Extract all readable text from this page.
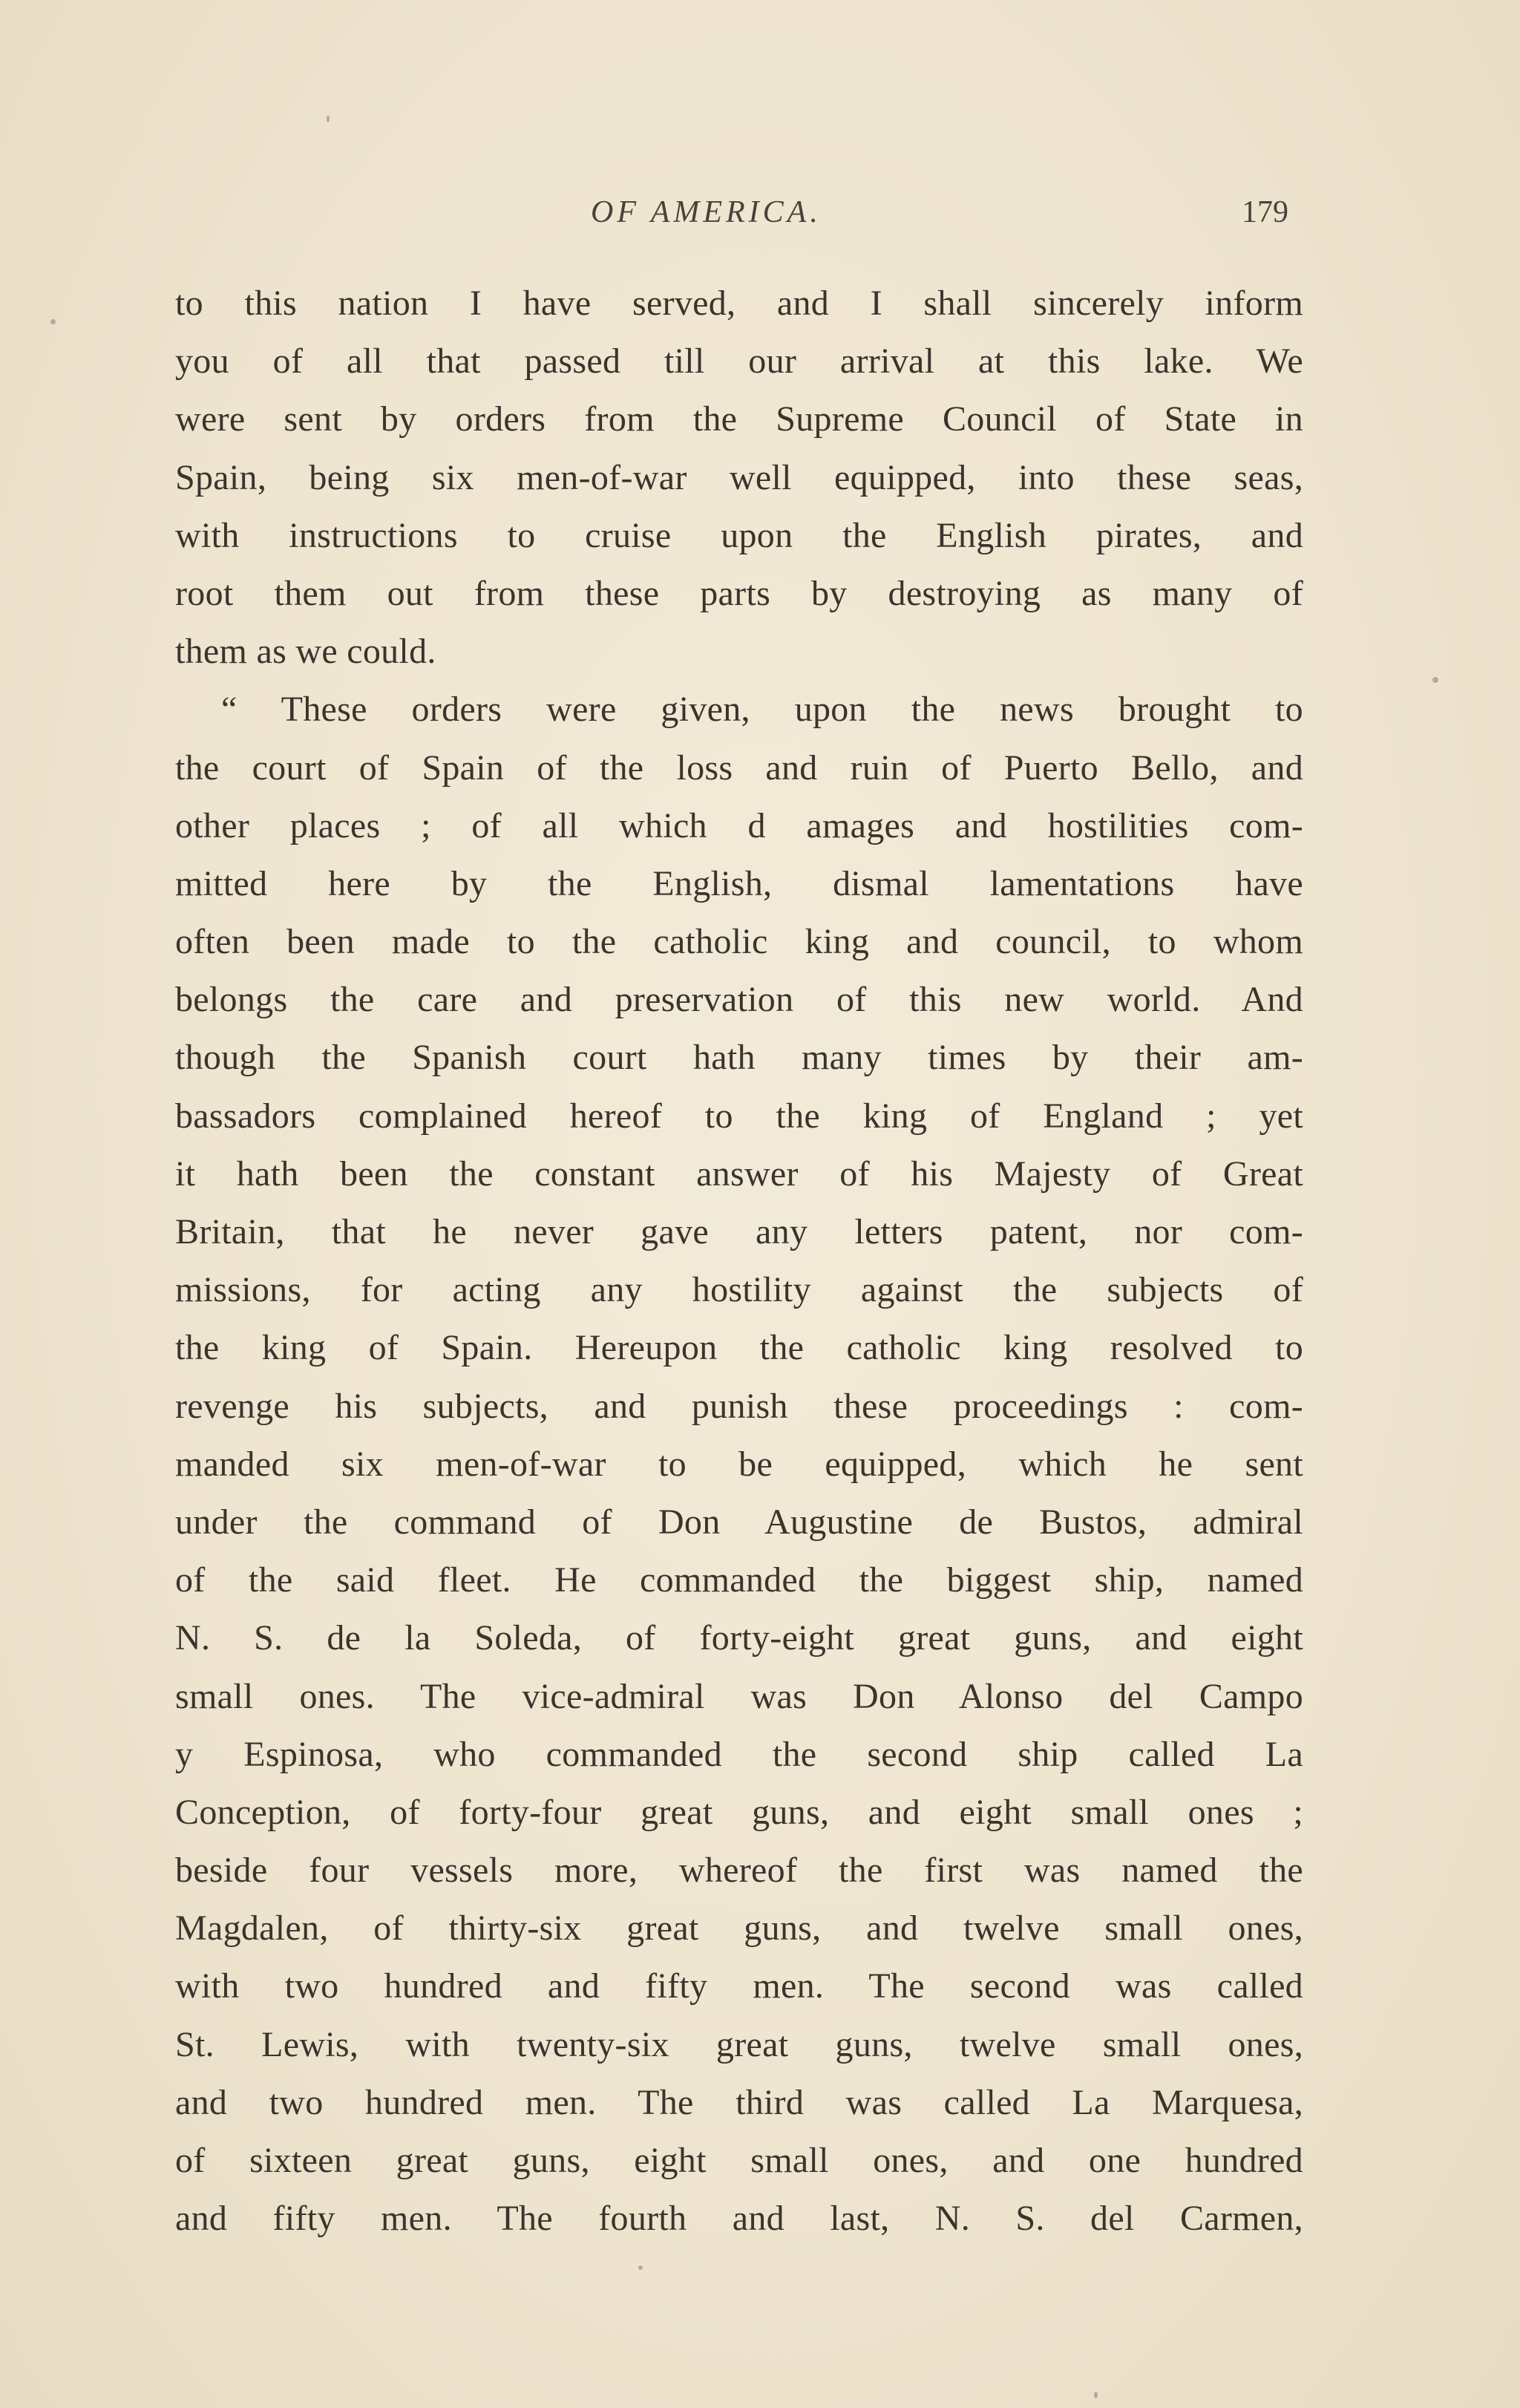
OF AMERICA.	179
to this nation I have served, and I shall sincerely inform
you of all that passed till our arrival at this lake. We
were sent by orders from the Supreme Council of State in
Spain, being six men-of-war well equipped, into these seas,
with instructions to cruise upon the English pirates, and
root them out from these parts by destroying as many of
them as we could.
“ These orders were given, upon the news brought to
the court of Spain of the loss and ruin of Puerto Bello, and
other places ; of all which d amages and hostilities com-
mitted here by the English, dismal lamentations have
often been made to the catholic king and council, to whom
belongs the care and preservation of this new world. And
though the Spanish court hath many times by their am-
bassadors complained hereof to the king of England ; yet
it hath been the constant answer of his Majesty of Great
Britain, that he never gave any letters patent, nor com-
missions, for acting any hostility against the subjects of
the king of Spain. Hereupon the catholic king resolved to
revenge his subjects, and punish these proceedings : com-
manded six men-of-war to be equipped, which he sent
under the command of Don Augustine de Bustos, admiral
of the said fleet. He commanded the biggest ship, named
N. S. de la Soleda, of forty-eight great guns, and eight
small ones. The vice-admiral was Don Alonso del Campo
y Espinosa, who commanded the second ship called La
Conception, of forty-four great guns, and eight small ones ;
beside four vessels more, whereof the first was named the
Magdalen, of thirty-six great guns, and twelve small ones,
with two hundred and fifty men. The second was called
St. Lewis, with twenty-six great guns, twelve small ones,
and two hundred men. The third was called La Marquesa,
of sixteen great guns, eight small ones, and one hundred
and fifty men. The fourth and last, N. S. del Carmen,
